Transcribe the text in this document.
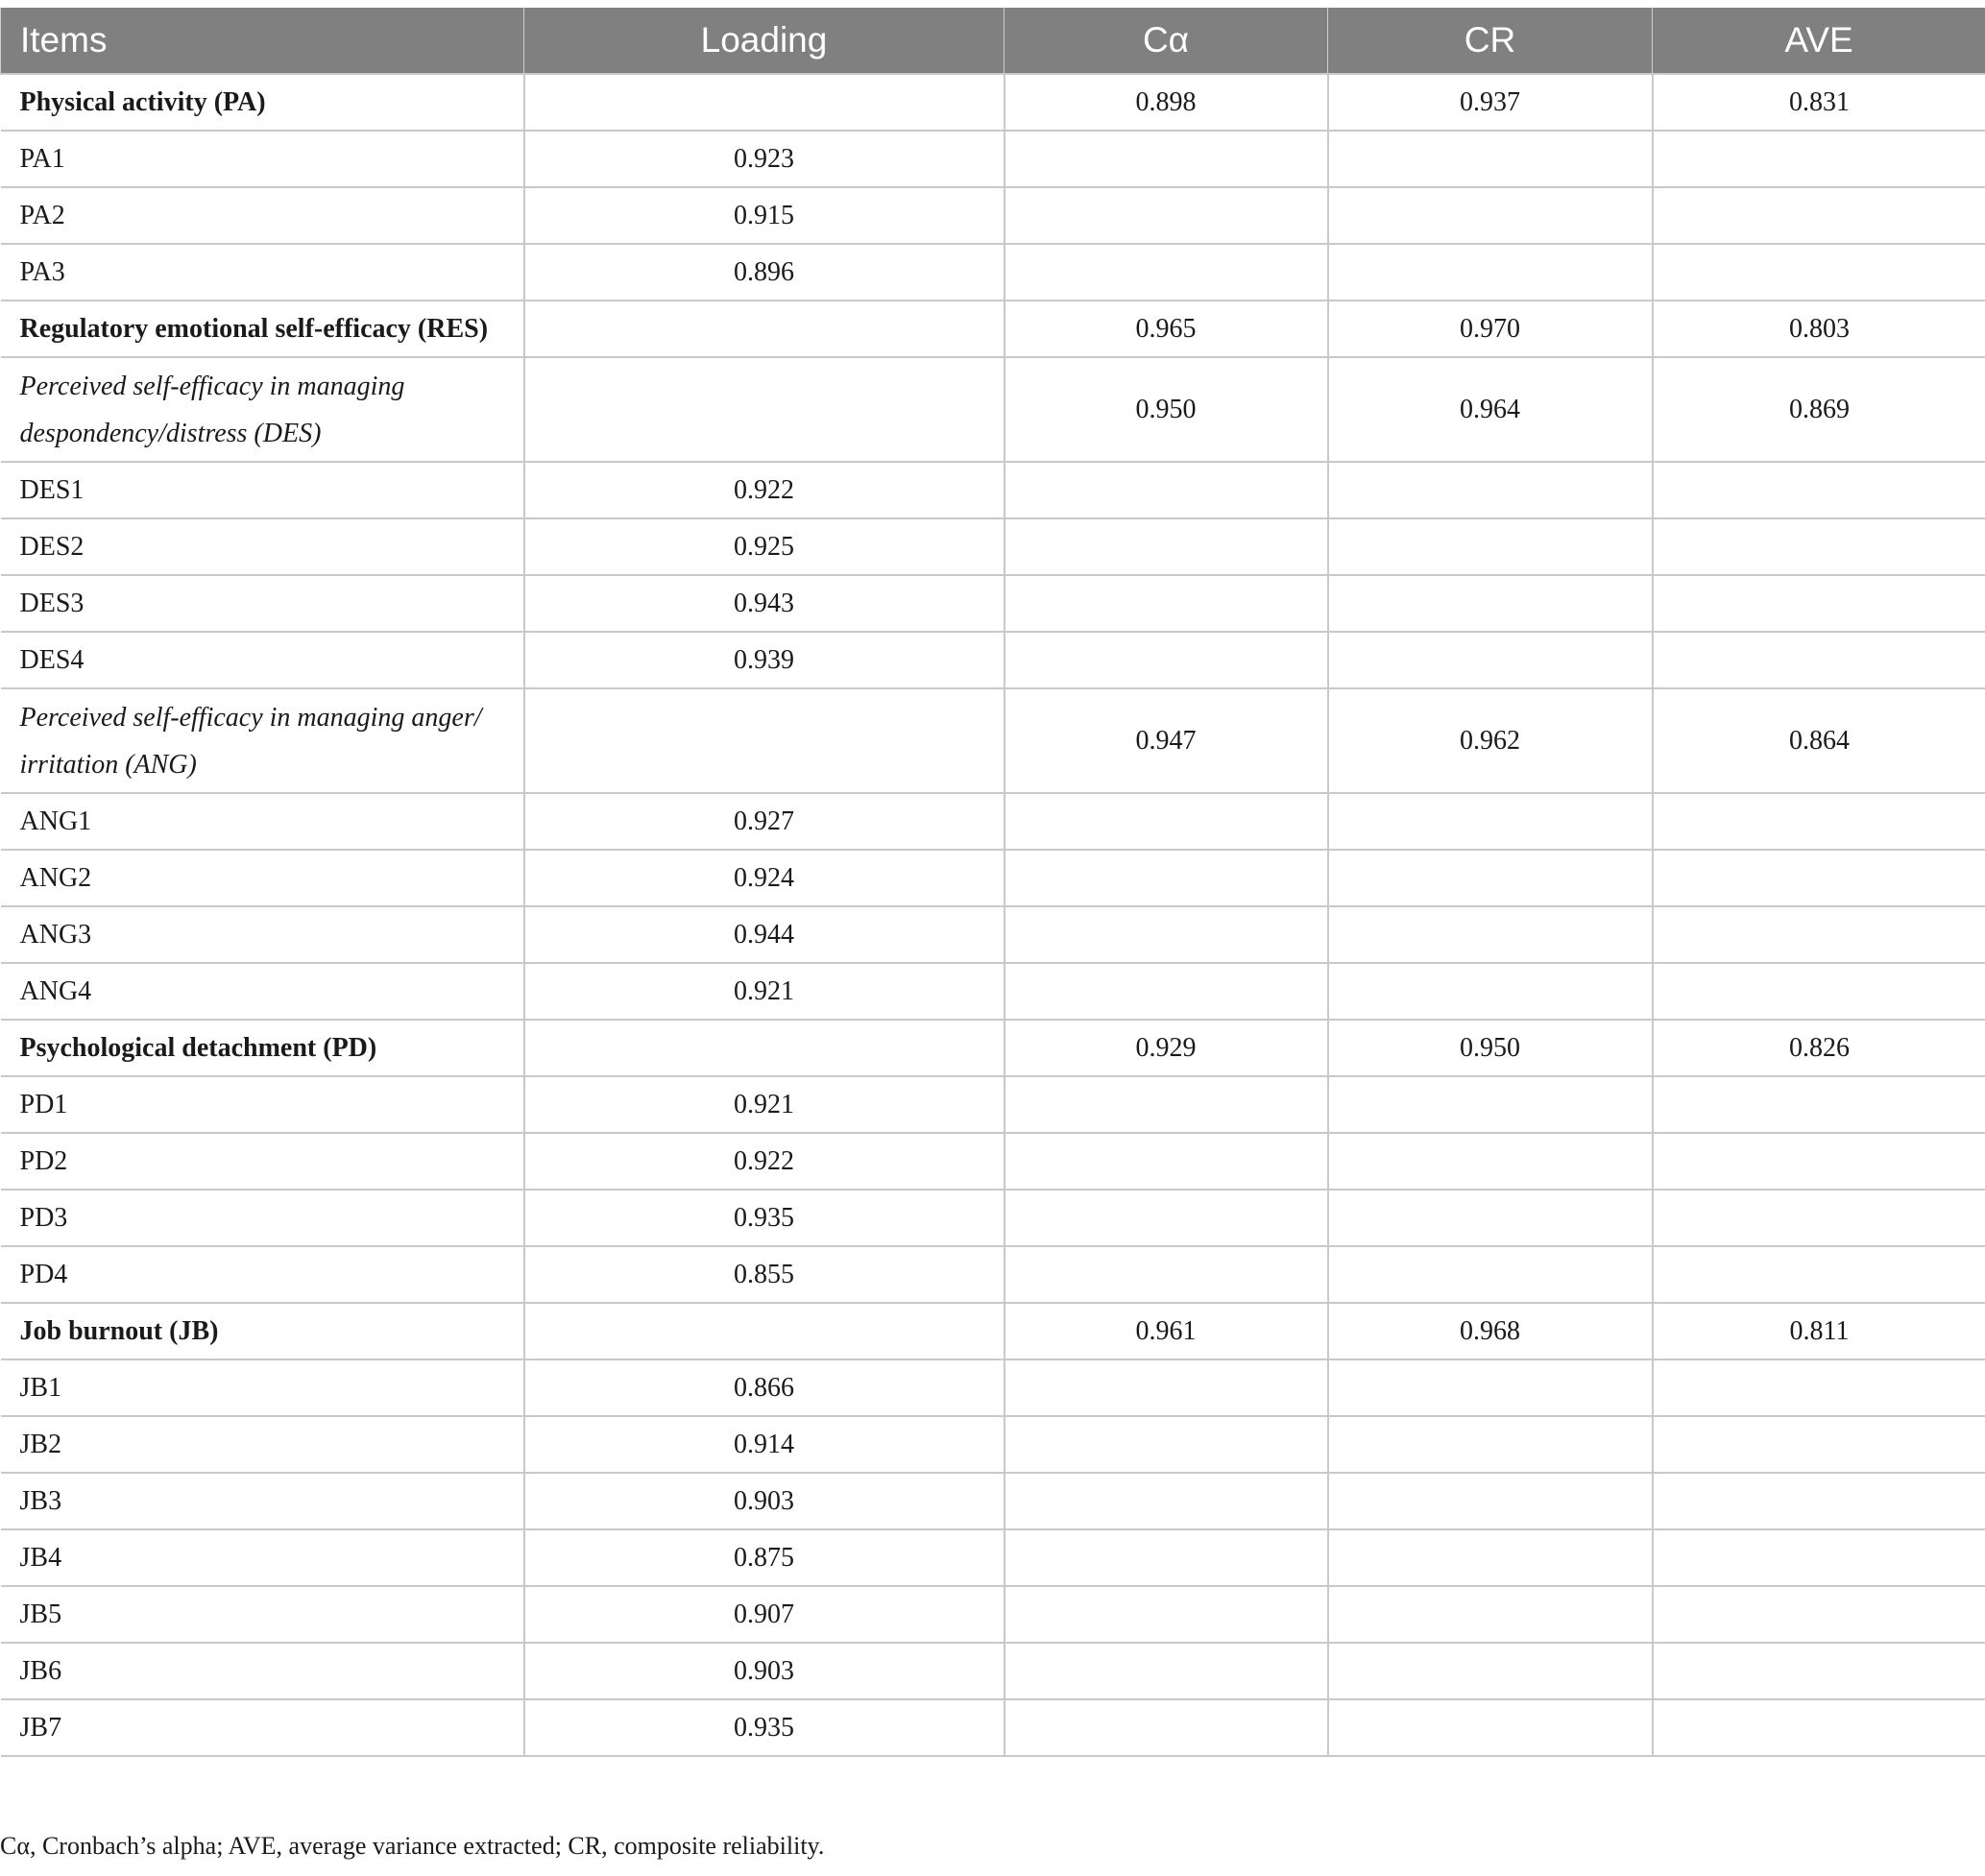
Items	Loading	Cα	CR	AVE
Physical activity (PA)		0.898	0.937	0.831
PA1	0.923			
PA2	0.915			
PA3	0.896			
Regulatory emotional self-efficacy (RES)		0.965	0.970	0.803
Perceived self-efficacy in managing despondency/distress (DES)		0.950	0.964	0.869
DES1	0.922			
DES2	0.925			
DES3	0.943			
DES4	0.939			
Perceived self-efficacy in managing anger/ irritation (ANG)		0.947	0.962	0.864
ANG1	0.927			
ANG2	0.924			
ANG3	0.944			
ANG4	0.921			
Psychological detachment (PD)		0.929	0.950	0.826
PD1	0.921			
PD2	0.922			
PD3	0.935			
PD4	0.855			
Job burnout (JB)		0.961	0.968	0.811
JB1	0.866			
JB2	0.914			
JB3	0.903			
JB4	0.875			
JB5	0.907			
JB6	0.903			
JB7	0.935			
Cα, Cronbach’s alpha; AVE, average variance extracted; CR, composite reliability.
